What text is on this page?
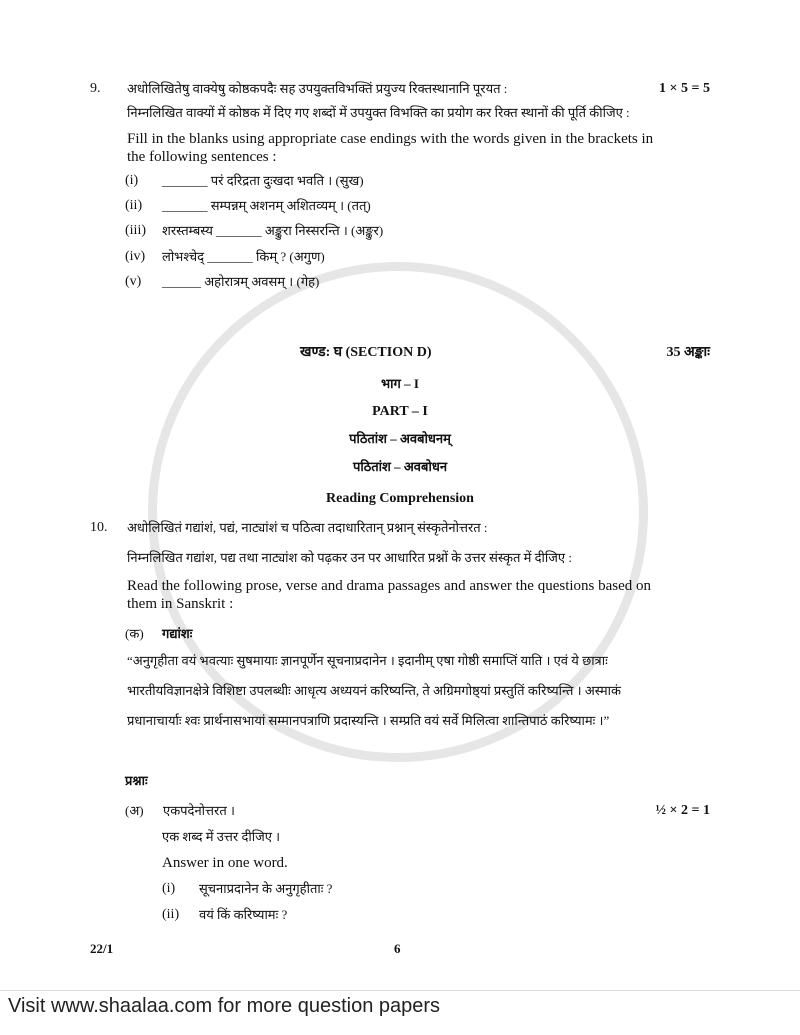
9.	अधोलिखितेषु वाक्येषु कोष्ठकपदैः सह उपयुक्तविभक्तिं प्रयुज्य रिक्तस्थानानि पूरयत :	1 × 5 = 5
निम्नलिखित वाक्यों में कोष्ठक में दिए गए शब्दों में उपयुक्त विभक्ति का प्रयोग कर रिक्त स्थानों की पूर्ति कीजिए :
Fill in the blanks using appropriate case endings with the words given in the brackets in
the following sentences :
(i)	_______ परं दरिद्रता दुःखदा भवति । (सुख)
(ii)	_______ सम्पन्नम् अशनम् अशितव्यम् । (तत्)
(iii)	शरस्तम्बस्य _______ अङ्कुरा निस्सरन्ति । (अङ्कुर)
(iv)	लोभश्चेद् _______ किम् ? (अगुण)
(v)	______ अहोरात्रम् अवसम् । (गेह)
खण्ड: घ (SECTION D)	35 अङ्काः
भाग – I
PART – I
पठितांश – अवबोधनम्
पठितांश – अवबोधन
Reading Comprehension
10.	अधोलिखितं गद्यांशं, पद्यं, नाट्यांशं च पठित्वा तदाधारितान् प्रश्नान् संस्कृतेनोत्तरत :
निम्नलिखित गद्यांश, पद्य तथा नाट्यांश को पढ़कर उन पर आधारित प्रश्नों के उत्तर संस्कृत में दीजिए :
Read the following prose, verse and drama passages and answer the questions based on
them in Sanskrit :
(क)	गद्यांशः
“अनुगृहीता वयं भवत्याः सुषमायाः ज्ञानपूर्णेन सूचनाप्रदानेन । इदानीम् एषा गोष्ठी समाप्तिं याति । एवं ये छात्राः
भारतीयविज्ञानक्षेत्रे विशिष्टा उपलब्धीः आधृत्य अध्ययनं करिष्यन्ति, ते अग्रिमगोष्ठ्यां प्रस्तुतिं करिष्यन्ति । अस्माकं
प्रधानाचार्याः श्वः प्रार्थनासभायां सम्मानपत्राणि प्रदास्यन्ति । सम्प्रति वयं सर्वे मिलित्वा शान्तिपाठं करिष्यामः ।”
प्रश्नाः
(अ)	एकपदेनोत्तरत ।	½ × 2 = 1
एक शब्द में उत्तर दीजिए ।
Answer in one word.
(i)	सूचनाप्रदानेन के अनुगृहीताः ?
(ii)	वयं किं करिष्यामः ?
22/1	6
Visit www.shaalaa.com for more question papers
